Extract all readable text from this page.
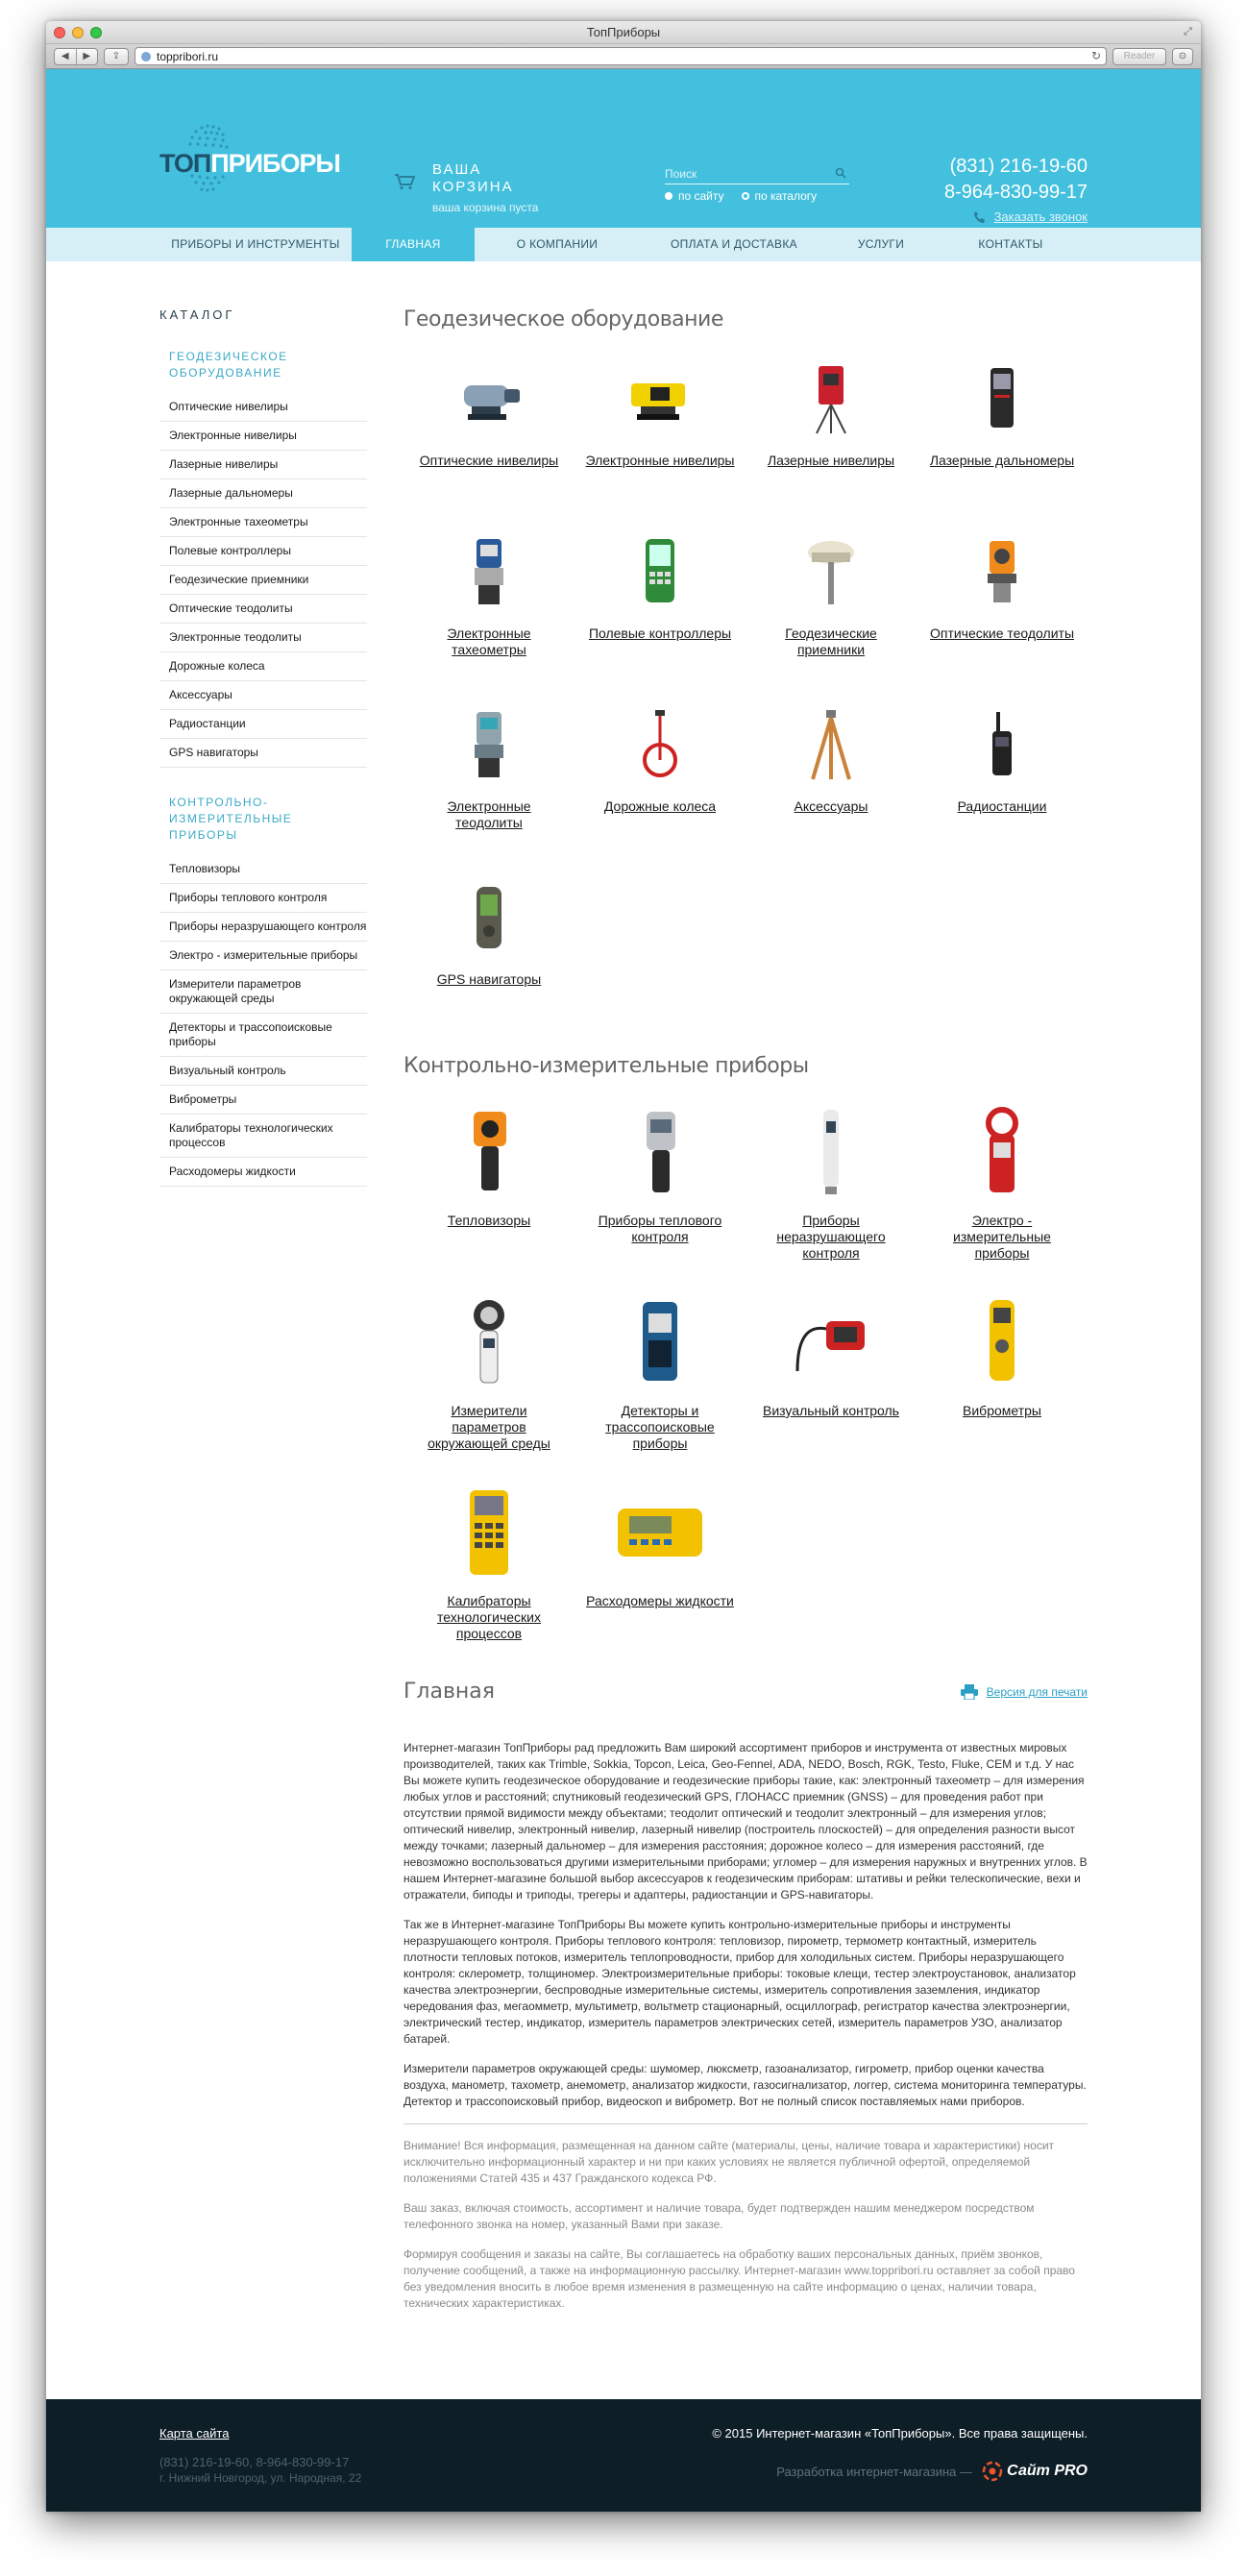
ТопПриборы	⤢
◀	▶	⇪	toppribori.ru	↻	Reader	⊙
ТОППРИБОРЫ	ВАША КОРЗИНА
ваша корзина пуста
Поиск
по сайту	по каталогу
(831) 216-19-60
8-964-830-99-17
Заказать звонок
ПРИБОРЫ И ИНСТРУМЕНТЫ	ГЛАВНАЯ	О КОМПАНИИ	ОПЛАТА И ДОСТАВКА	УСЛУГИ	КОНТАКТЫ
КАТАЛОГ
ГЕОДЕЗИЧЕСКОЕ ОБОРУДОВАНИЕ
Оптические нивелиры
Электронные нивелиры
Лазерные нивелиры
Лазерные дальномеры
Электронные тахеометры
Полевые контроллеры
Геодезические приемники
Оптические теодолиты
Электронные теодолиты
Дорожные колеса
Аксессуары
Радиостанции
GPS навигаторы
КОНТРОЛЬНО-ИЗМЕРИТЕЛЬНЫЕ ПРИБОРЫ
Тепловизоры
Приборы теплового контроля
Приборы неразрушающего контроля
Электро - измерительные приборы
Измерители параметров окружающей среды
Детекторы и трассопоисковые приборы
Визуальный контроль
Виброметры
Калибраторы технологических процессов
Расходомеры жидкости
Геодезическое оборудование
Оптические нивелиры	Электронные нивелиры	Лазерные нивелиры	Лазерные дальномеры
Электронные тахеометры
Полевые контроллеры	Геодезические приемники
Оптические теодолиты
Электронные теодолиты
Дорожные колеса	Аксессуары	Радиостанции
GPS навигаторы
Контрольно-измерительные приборы
Тепловизоры	Приборы теплового контроля
Приборы неразрушающего контроля
Электро - измерительные приборы
Измерители параметров окружающей среды
Детекторы и трассопоисковые приборы
Визуальный контроль	Виброметры
Калибраторы технологических процессов
Расходомеры жидкости
Главная	Версия для печати

Интернет-магазин ТопПриборы рад предложить Вам широкий ассортимент приборов и инструмента от известных мировых производителей, таких как Trimble, Sokkia, Topcon, Leica, Geo-Fennel, ADA, NEDO, Bosch, RGK, Testo, Fluke, CEM и т.д. У нас Вы можете купить геодезическое оборудование и геодезические приборы такие, как: электронный тахеометр – для измерения любых углов и расстояний; спутниковый геодезический GPS, ГЛОНАСС приемник (GNSS) – для проведения работ при отсутствии прямой видимости между объектами; теодолит оптический и теодолит электронный – для измерения углов; оптический нивелир, электронный нивелир, лазерный нивелир (построитель плоскостей) – для определения разности высот между точками; лазерный дальномер – для измерения расстояния; дорожное колесо – для измерения расстояний, где невозможно воспользоваться другими измерительными приборами; угломер – для измерения наружных и внутренних углов. В нашем Интернет-магазине большой выбор аксессуаров к геодезическим приборам: штативы и рейки телескопические, вехи и отражатели, биподы и триподы, трегеры и адаптеры, радиостанции и GPS-навигаторы.

Так же в Интернет-магазине ТопПриборы Вы можете купить контрольно-измерительные приборы и инструменты неразрушающего контроля. Приборы теплового контроля: тепловизор, пирометр, термометр контактный, измеритель плотности тепловых потоков, измеритель теплопроводности, прибор для холодильных систем. Приборы неразрушающего контроля: склерометр, толщиномер. Электроизмерительные приборы: токовые клещи, тестер электроустановок, анализатор качества электроэнергии, беспроводные измерительные системы, измеритель сопротивления заземления, индикатор чередования фаз, мегаомметр, мультиметр, вольтметр стационарный, осциллограф, регистратор качества электроэнергии, электрический тестер, индикатор, измеритель параметров электрических сетей, измеритель параметров УЗО, анализатор батарей.

Измерители параметров окружающей среды: шумомер, люксметр, газоанализатор, гигрометр, прибор оценки качества воздуха, манометр, тахометр, анемометр, анализатор жидкости, газосигнализатор, логгер, система мониторинга температуры. Детектор и трассопоисковый прибор, видеоскоп и виброметр. Вот не полный список поставляемых нами приборов.

Внимание! Вся информация, размещенная на данном сайте (материалы, цены, наличие товара и характеристики) носит исключительно информационный характер и ни при каких условиях не является публичной офертой, определяемой положениями Статей 435 и 437 Гражданского кодекса РФ.

Ваш заказ, включая стоимость, ассортимент и наличие товара, будет подтвержден нашим менеджером посредством телефонного звонка на номер, указанный Вами при заказе.

Формируя сообщения и заказы на сайте, Вы соглашаетесь на обработку ваших персональных данных, приём звонков, получение сообщений, а также на информационную рассылку. Интернет-магазин www.toppribori.ru оставляет за собой право без уведомления вносить в любое время изменения в размещенную на сайте информацию о ценах, наличии товара, технических характеристиках.

Карта сайта
(831) 216-19-60, 8-964-830-99-17
г. Нижний Новгород, ул. Народная, 22
© 2015 Интернет-магазин «ТопПриборы». Все права защищены.
Разработка интернет-магазина — Сайт PRO
